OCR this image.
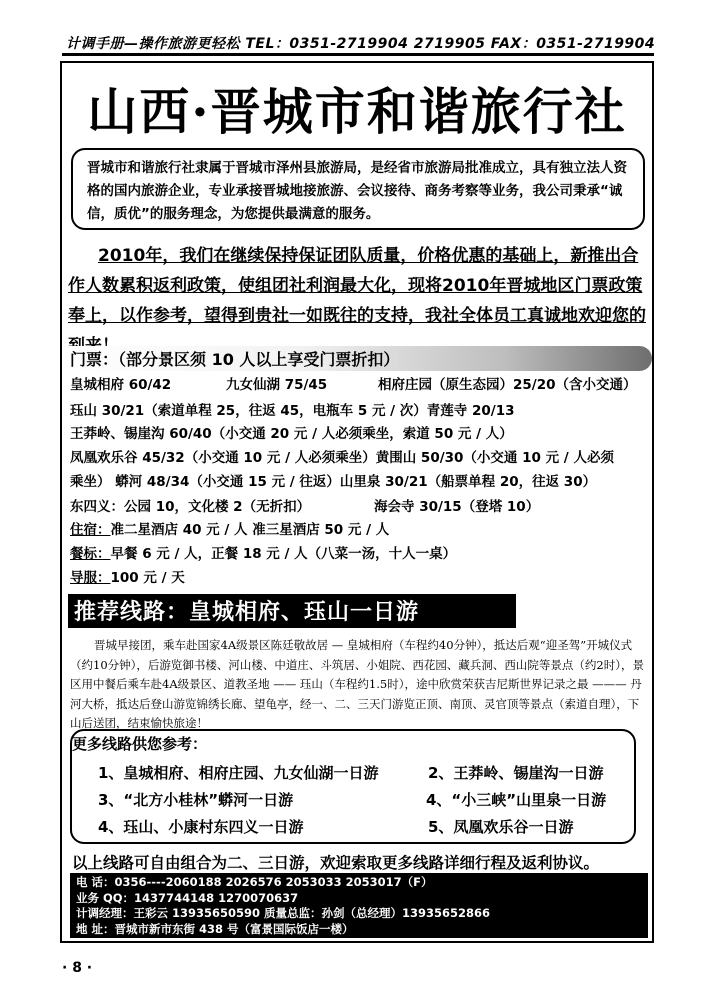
计调手册—操作旅游更轻松 TEL：0351-2719904 2719905 FAX：0351-2719904
山西·晋城市和谐旅行社
晋城市和谐旅行社隶属于晋城市泽州县旅游局，是经省市旅游局批准成立，具有独立法人资格的国内旅游企业，专业承接晋城地接旅游、会议接待、商务考察等业务，我公司秉承“诚信，质优”的服务理念，为您提供最满意的服务。
2010年，我们在继续保持保证团队质量，价格优惠的基础上，新推出合作人数累积返利政策，使组团社利润最大化，现将2010年晋城地区门票政策奉上，以作参考，望得到贵社一如既往的支持，我社全体员工真诚地欢迎您的
门票：（部分景区须 10 人以上享受门票折扣）
皇城相府 60/42	九女仙湖 75/45	相府庄园（原生态园）25/20（含小交通）
珏山 30/21（索道单程 25，往返 45，电瓶车 5 元 / 次）青莲寺 20/13
王莽岭、锡崖沟 60/40（小交通 20 元 / 人必须乘坐，索道 50 元 / 人）
凤凰欢乐谷 45/32（小交通 10 元 / 人必须乘坐）黄围山 50/30（小交通 10 元 / 人必须
乘坐） 蟒河 48/34（小交通 15 元 / 往返）山里泉 30/21（船票单程 20，往返 30）
东四义：公园 10，文化楼 2（无折扣）	海会寺 30/15（登塔 10）
住宿：准二星酒店 40 元 / 人 准三星酒店 50 元 / 人
餐标：早餐 6 元 / 人，正餐 18 元 / 人（八菜一汤，十人一桌）
导服：100 元 / 天
推荐线路：皇城相府、珏山一日游
晋城早接团，乘车赴国家4A级景区陈廷敬故居 — 皇城相府（车程约40分钟），抵达后观“迎圣驾”开城仪式（约10分钟），后游览御书楼、河山楼、中道庄、斗筑居、小姐院、西花园、藏兵洞、西山院等景点（约2时），景区用中餐后乘车赴4A级景区、道教圣地 —— 珏山（车程约1.5时），途中欣赏荣获吉尼斯世界记录之最 ——— 丹河大桥，抵达后登山游览锦绣长廊、望龟亭，经一、二、三天门游览正顶、南顶、灵官顶等景点（索道自理），下山后送团，结束愉快旅途！
更多线路供您参考：
1、皇城相府、相府庄园、九女仙湖一日游	2、王莽岭、锡崖沟一日游
3、“北方小桂林”蟒河一日游	4、“小三峡”山里泉一日游
4、珏山、小康村东四义一日游	5、凤凰欢乐谷一日游
以上线路可自由组合为二、三日游，欢迎索取更多线路详细行程及返利协议。
电 话：0356----2060188 2026576 2053033 2053017（F）
业务 QQ：1437744148 1270070637
计调经理：王彩云 13935650590 质量总监：孙剑（总经理）13935652866
地 址：晋城市新市东街 438 号（富景国际饭店一楼）
· 8 ·
